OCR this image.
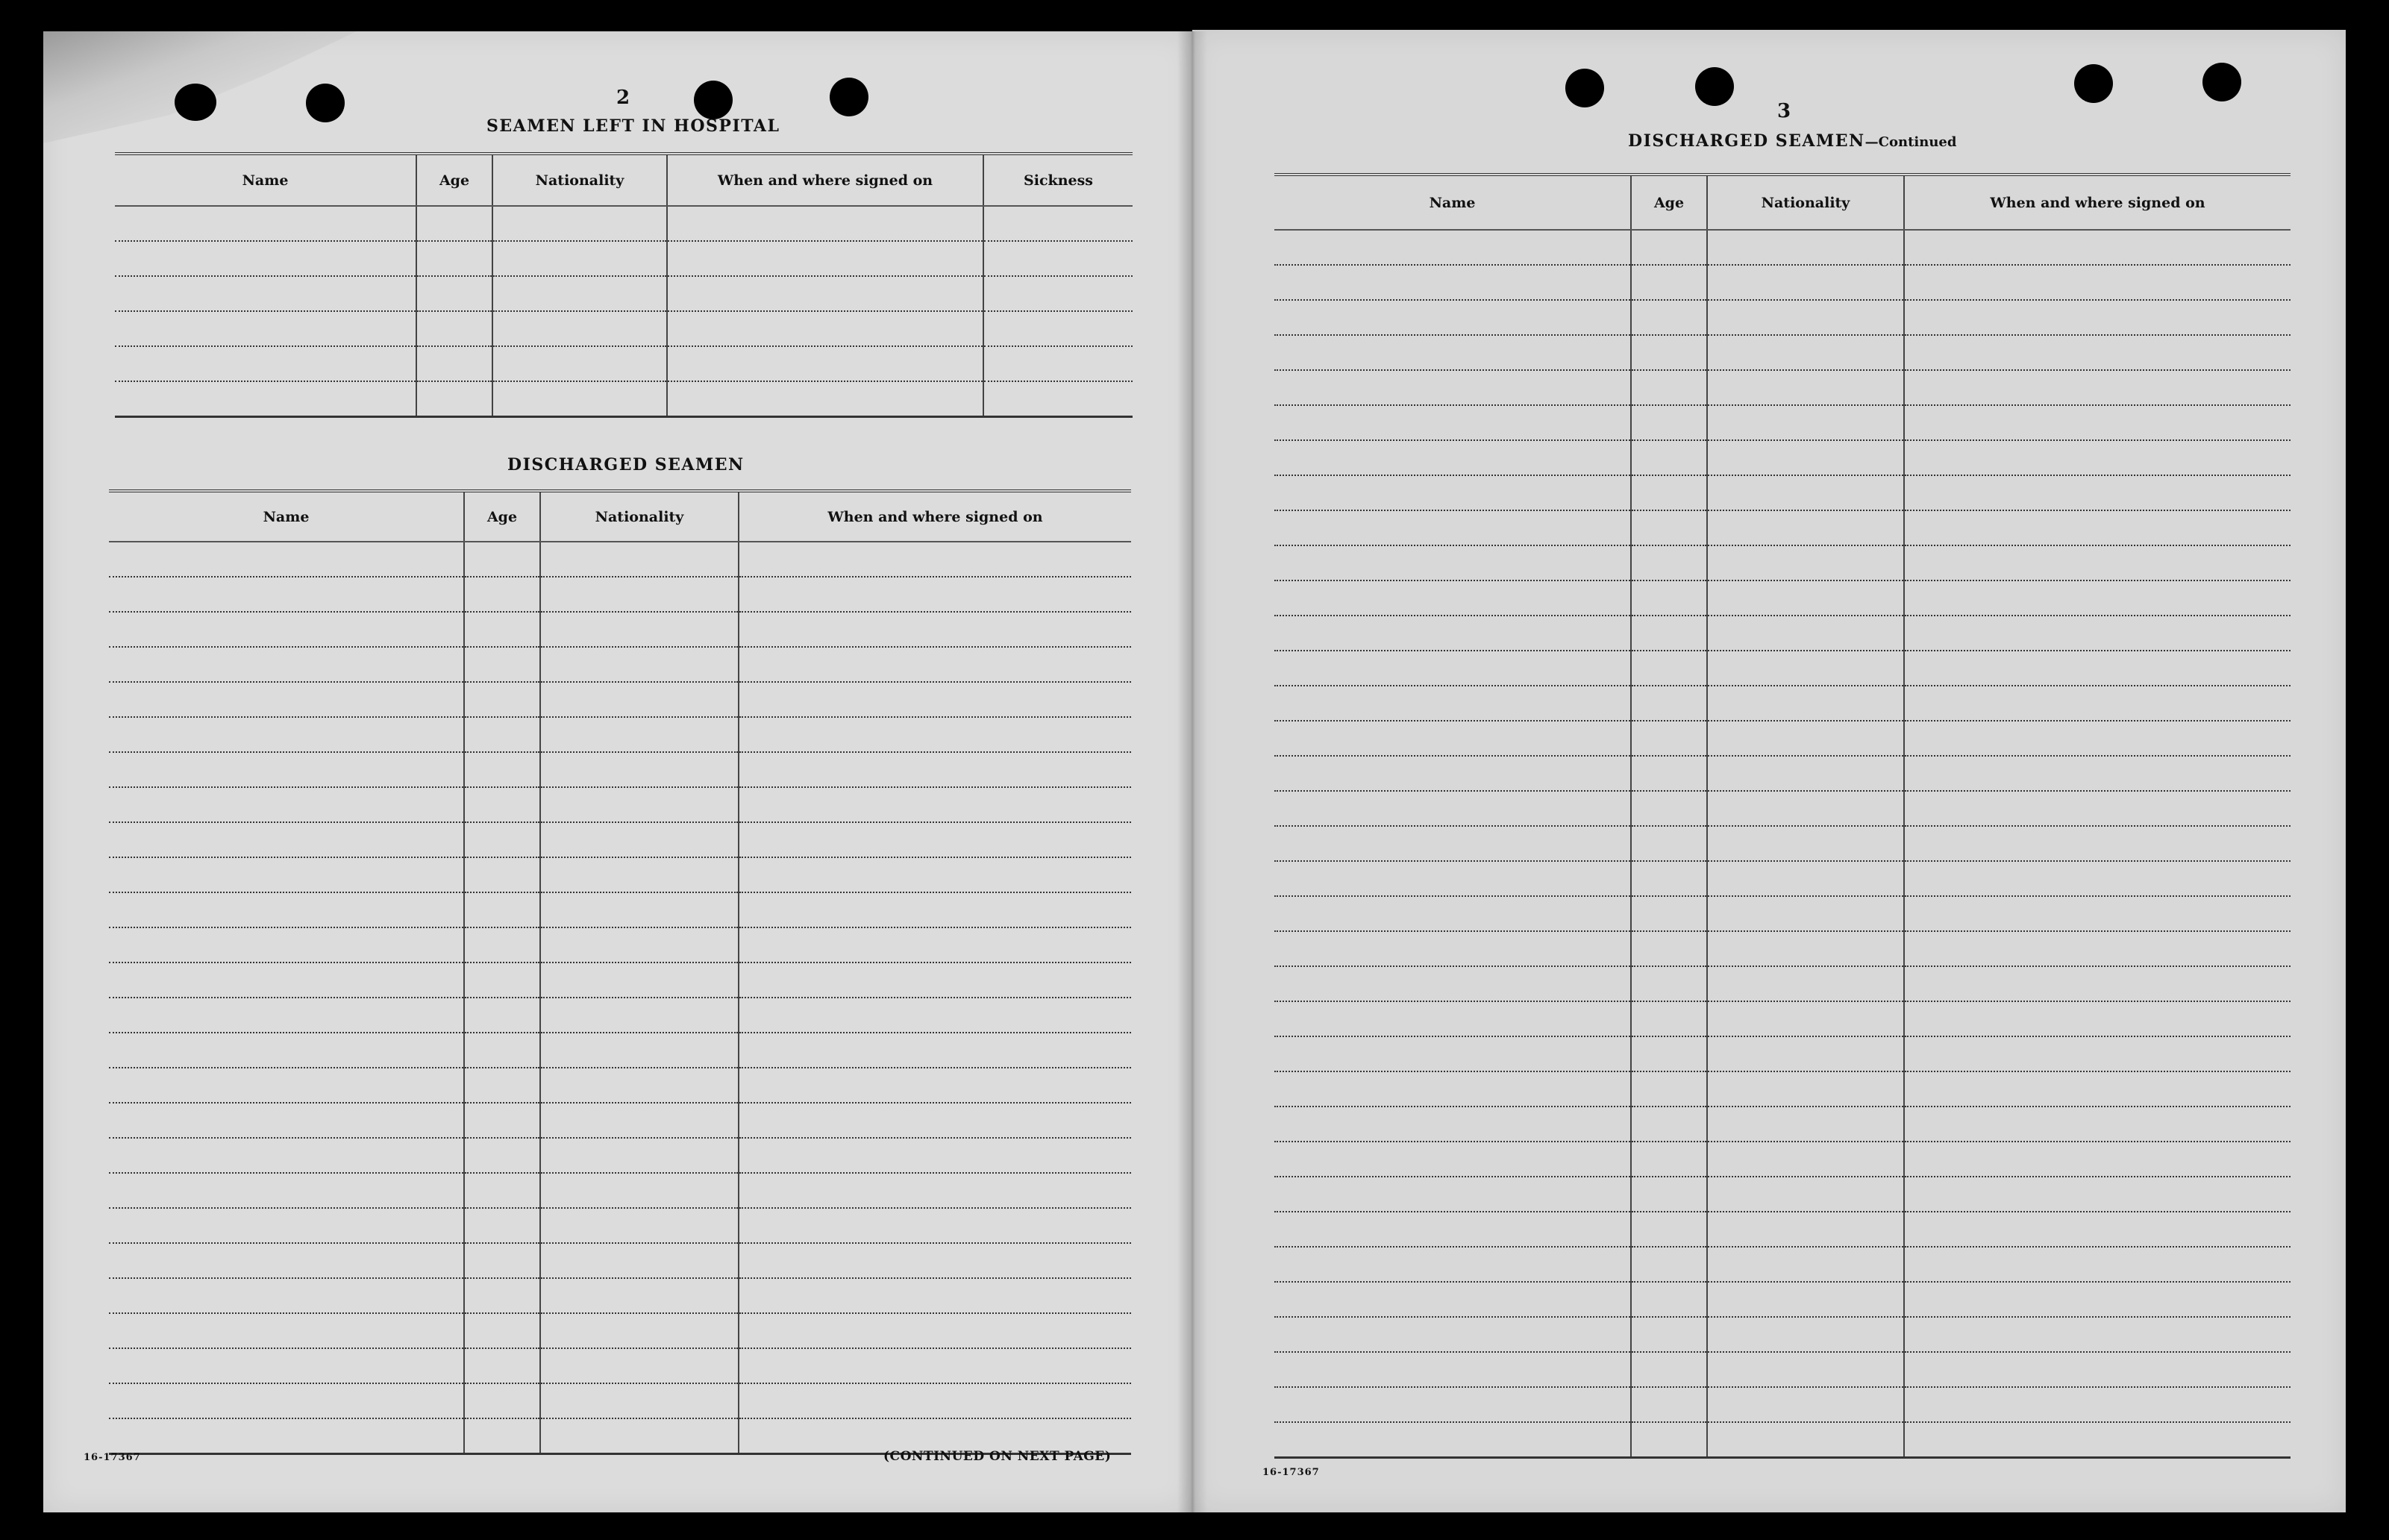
2
SEAMEN LEFT IN HOSPITAL
Name	Age	Nationality	When and where signed on	Sickness

DISCHARGED SEAMEN
Name	Age	Nationality	When and where signed on

16-17367	(CONTINUED ON NEXT PAGE)
3
DISCHARGED SEAMEN—Continued
Name	Age	Nationality	When and where signed on

16-17367
